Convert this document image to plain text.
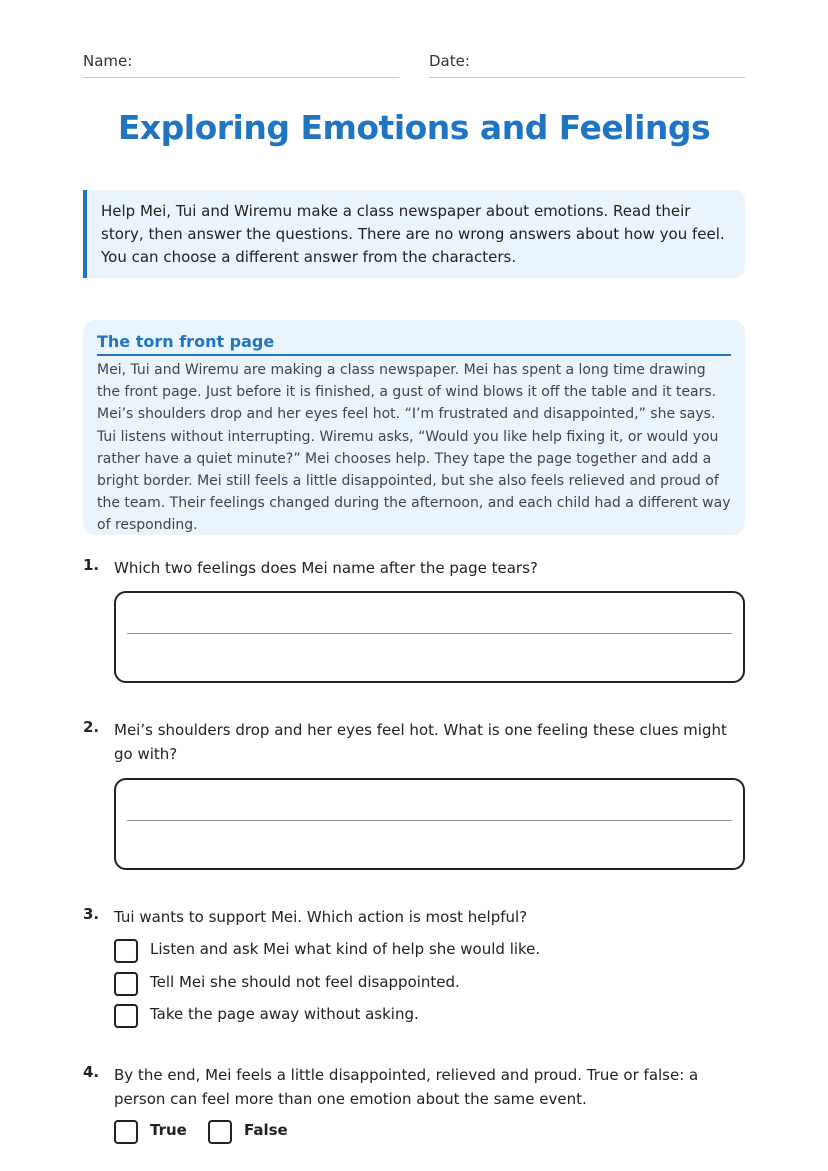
Name:	Date:
Exploring Emotions and Feelings
Help Mei, Tui and Wiremu make a class newspaper about emotions. Read their story, then answer the questions. There are no wrong answers about how you feel. You can choose a different answer from the characters.
The torn front page
Mei, Tui and Wiremu are making a class newspaper. Mei has spent a long time drawing the front page. Just before it is finished, a gust of wind blows it off the table and it tears. Mei’s shoulders drop and her eyes feel hot. “I’m frustrated and disappointed,” she says. Tui listens without interrupting. Wiremu asks, “Would you like help fixing it, or would you rather have a quiet minute?” Mei chooses help. They tape the page together and add a bright border. Mei still feels a little disappointed, but she also feels relieved and proud of the team. Their feelings changed during the afternoon, and each child had a different way of responding.
1. Which two feelings does Mei name after the page tears?
2. Mei’s shoulders drop and her eyes feel hot. What is one feeling these clues might go with?
3. Tui wants to support Mei. Which action is most helpful?
Listen and ask Mei what kind of help she would like.
Tell Mei she should not feel disappointed.
Take the page away without asking.
4. By the end, Mei feels a little disappointed, relieved and proud. True or false: a person can feel more than one emotion about the same event.
True	False
